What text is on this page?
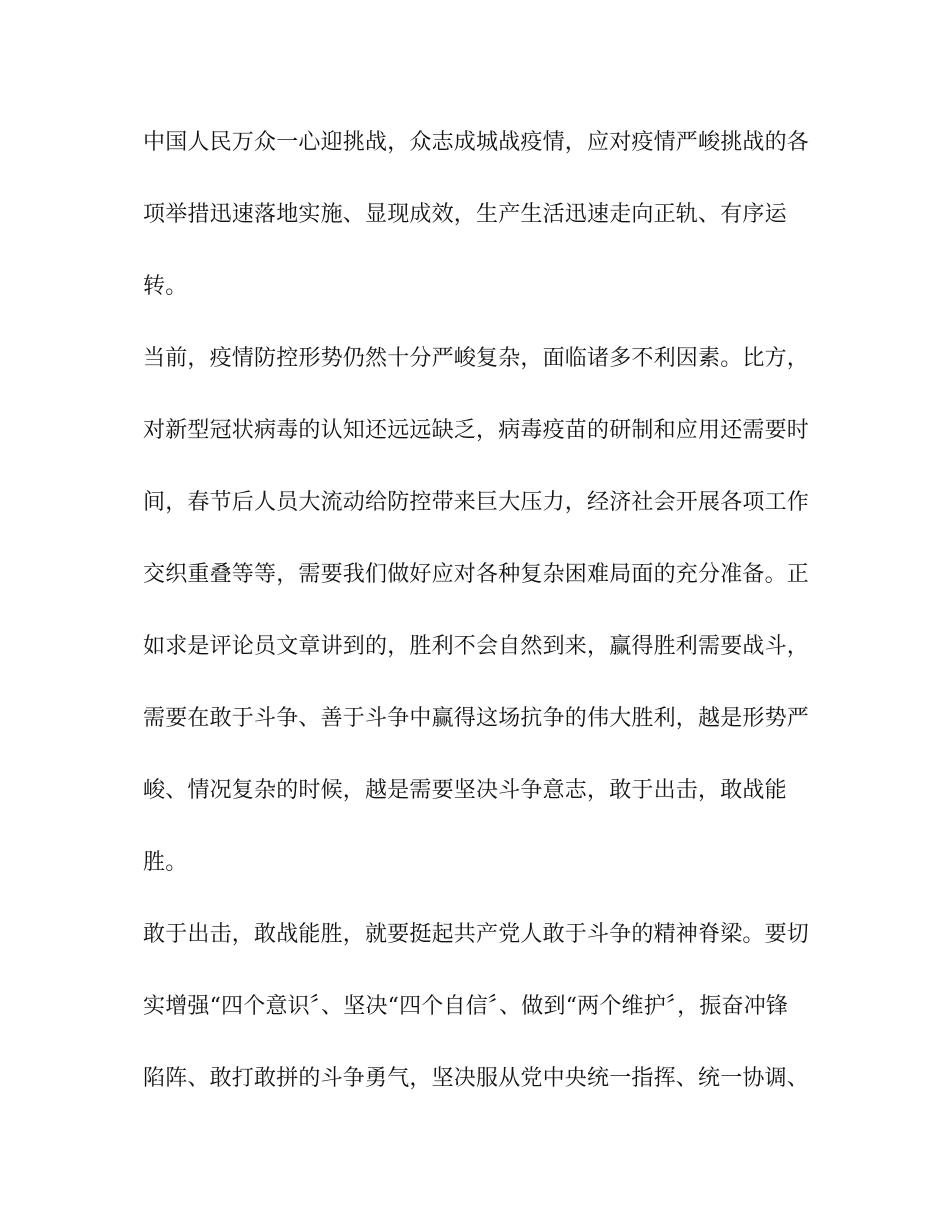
中国人民万众一心迎挑战，众志成城战疫情，应对疫情严峻挑战的各

项举措迅速落地实施、显现成效，生产生活迅速走向正轨、有序运

转。

当前，疫情防控形势仍然十分严峻复杂，面临诸多不利因素。比方，

对新型冠状病毒的认知还远远缺乏，病毒疫苗的研制和应用还需要时

间，春节后人员大流动给防控带来巨大压力，经济社会开展各项工作

交织重叠等等，需要我们做好应对各种复杂困难局面的充分准备。正

如求是评论员文章讲到的，胜利不会自然到来，赢得胜利需要战斗，

需要在敢于斗争、善于斗争中赢得这场抗争的伟大胜利，越是形势严

峻、情况复杂的时候，越是需要坚决斗争意志，敢于出击，敢战能

胜。

敢于出击，敢战能胜，就要挺起共产党人敢于斗争的精神脊梁。要切

实增强“四个意识〞、坚决“四个自信〞、做到“两个维护〞，振奋冲锋

陷阵、敢打敢拼的斗争勇气，坚决服从党中央统一指挥、统一协调、
